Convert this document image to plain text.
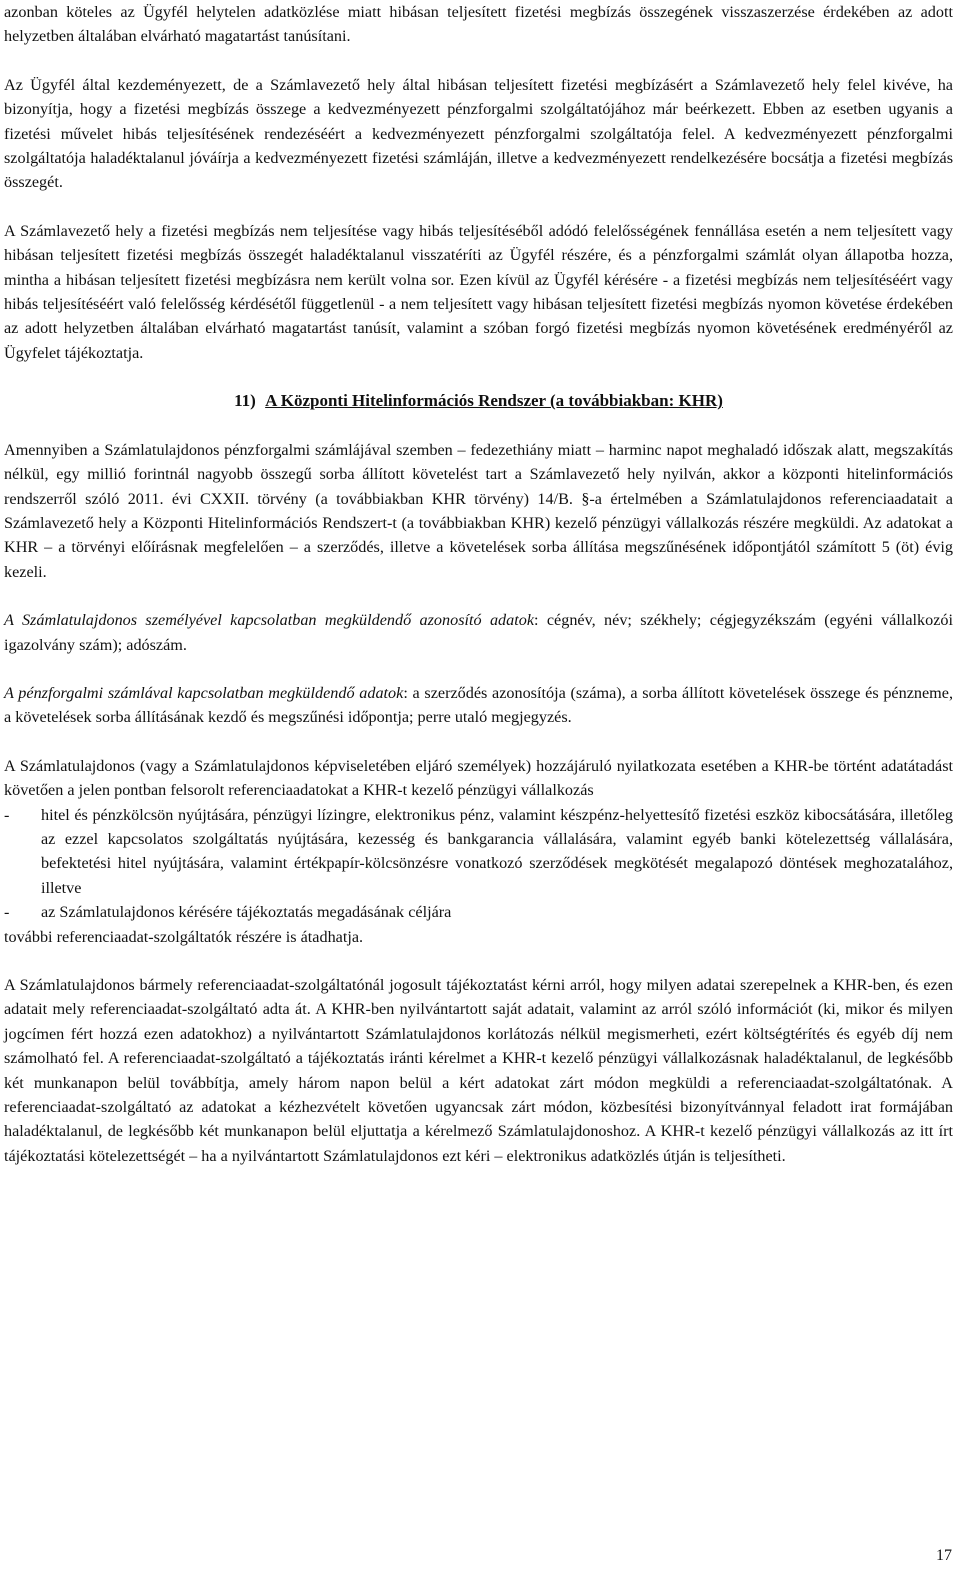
azonban köteles az Ügyfél helytelen adatközlése miatt hibásan teljesített fizetési megbízás összegének visszaszerzése érdekében az adott helyzetben általában elvárható magatartást tanúsítani.

Az Ügyfél által kezdeményezett, de a Számlavezető hely által hibásan teljesített fizetési megbízásért a Számlavezető hely felel kivéve, ha bizonyítja, hogy a fizetési megbízás összege a kedvezményezett pénzforgalmi szolgáltatójához már beérkezett. Ebben az esetben ugyanis a fizetési művelet hibás teljesítésének rendezéséért a kedvezményezett pénzforgalmi szolgáltatója felel. A kedvezményezett pénzforgalmi szolgáltatója haladéktalanul jóváírja a kedvezményezett fizetési számláján, illetve a kedvezményezett rendelkezésére bocsátja a fizetési megbízás összegét.

A Számlavezető hely a fizetési megbízás nem teljesítése vagy hibás teljesítéséből adódó felelősségének fennállása esetén a nem teljesített vagy hibásan teljesített fizetési megbízás összegét haladéktalanul visszatéríti az Ügyfél részére, és a pénzforgalmi számlát olyan állapotba hozza, mintha a hibásan teljesített fizetési megbízásra nem került volna sor. Ezen kívül az Ügyfél kérésére - a fizetési megbízás nem teljesítéséért vagy hibás teljesítéséért való felelősség kérdésétől függetlenül - a nem teljesített vagy hibásan teljesített fizetési megbízás nyomon követése érdekében az adott helyzetben általában elvárható magatartást tanúsít, valamint a szóban forgó fizetési megbízás nyomon követésének eredményéről az Ügyfelet tájékoztatja.

11) A Központi Hitelinformációs Rendszer (a továbbiakban: KHR)

Amennyiben a Számlatulajdonos pénzforgalmi számlájával szemben – fedezethiány miatt – harminc napot meghaladó időszak alatt, megszakítás nélkül, egy millió forintnál nagyobb összegű sorba állított követelést tart a Számlavezető hely nyilván, akkor a központi hitelinformációs rendszerről szóló 2011. évi CXXII. törvény (a továbbiakban KHR törvény) 14/B. §-a értelmében a Számlatulajdonos referenciaadatait a Számlavezető hely a Központi Hitelinformációs Rendszert-t (a továbbiakban KHR) kezelő pénzügyi vállalkozás részére megküldi. Az adatokat a KHR – a törvényi előírásnak megfelelően – a szerződés, illetve a követelések sorba állítása megszűnésének időpontjától számított 5 (öt) évig kezeli.

A Számlatulajdonos személyével kapcsolatban megküldendő azonosító adatok: cégnév, név; székhely; cégjegyzékszám (egyéni vállalkozói igazolvány szám); adószám.

A pénzforgalmi számlával kapcsolatban megküldendő adatok: a szerződés azonosítója (száma), a sorba állított követelések összege és pénzneme, a követelések sorba állításának kezdő és megszűnési időpontja; perre utaló megjegyzés.

A Számlatulajdonos (vagy a Számlatulajdonos képviseletében eljáró személyek) hozzájáruló nyilatkozata esetében a KHR-be történt adatátadást követően a jelen pontban felsorolt referenciaadatokat a KHR-t kezelő pénzügyi vállalkozás

- hitel és pénzkölcsön nyújtására, pénzügyi lízingre, elektronikus pénz, valamint készpénz-helyettesítő fizetési eszköz kibocsátására, illetőleg az ezzel kapcsolatos szolgáltatás nyújtására, kezesség és bankgarancia vállalására, valamint egyéb banki kötelezettség vállalására, befektetési hitel nyújtására, valamint értékpapír-kölcsönzésre vonatkozó szerződések megkötését megalapozó döntések meghozatalához, illetve
- az Számlatulajdonos kérésére tájékoztatás megadásának céljára

további referenciaadat-szolgáltatók részére is átadhatja.

A Számlatulajdonos bármely referenciaadat-szolgáltatónál jogosult tájékoztatást kérni arról, hogy milyen adatai szerepelnek a KHR-ben, és ezen adatait mely referenciaadat-szolgáltató adta át. A KHR-ben nyilvántartott saját adatait, valamint az arról szóló információt (ki, mikor és milyen jogcímen fért hozzá ezen adatokhoz) a nyilvántartott Számlatulajdonos korlátozás nélkül megismerheti, ezért költségtérítés és egyéb díj nem számolható fel. A referenciaadat-szolgáltató a tájékoztatás iránti kérelmet a KHR-t kezelő pénzügyi vállalkozásnak haladéktalanul, de legkésőbb két munkanapon belül továbbítja, amely három napon belül a kért adatokat zárt módon megküldi a referenciaadat-szolgáltatónak. A referenciaadat-szolgáltató az adatokat a kézhezvételt követően ugyancsak zárt módon, közbesítési bizonyítvánnyal feladott irat formájában haladéktalanul, de legkésőbb két munkanapon belül eljuttatja a kérelmező Számlatulajdonoshoz. A KHR-t kezelő pénzügyi vállalkozás az itt írt tájékoztatási kötelezettségét – ha a nyilvántartott Számlatulajdonos ezt kéri – elektronikus adatközlés útján is teljesítheti.

17
